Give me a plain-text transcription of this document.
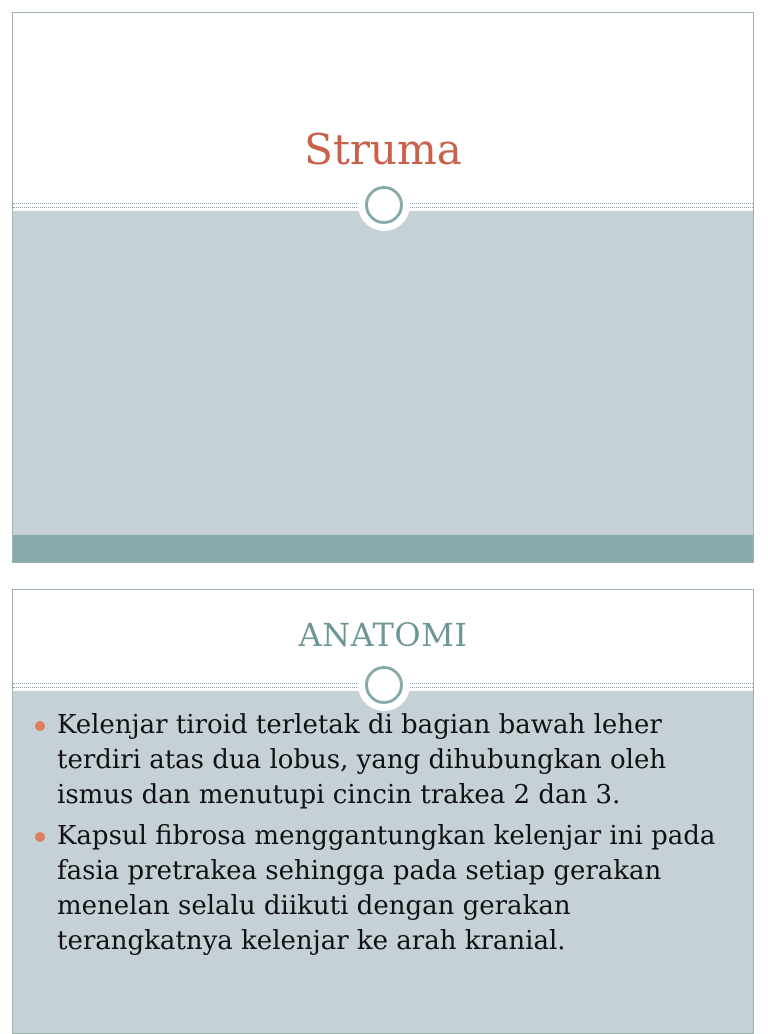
Struma
ANATOMI
Kelenjar tiroid terletak di bagian bawah leher terdiri atas dua lobus, yang dihubungkan oleh ismus dan menutupi cincin trakea 2 dan 3.
Kapsul fibrosa menggantungkan kelenjar ini pada fasia pretrakea sehingga pada setiap gerakan menelan selalu diikuti dengan gerakan terangkatnya kelenjar ke arah kranial.
